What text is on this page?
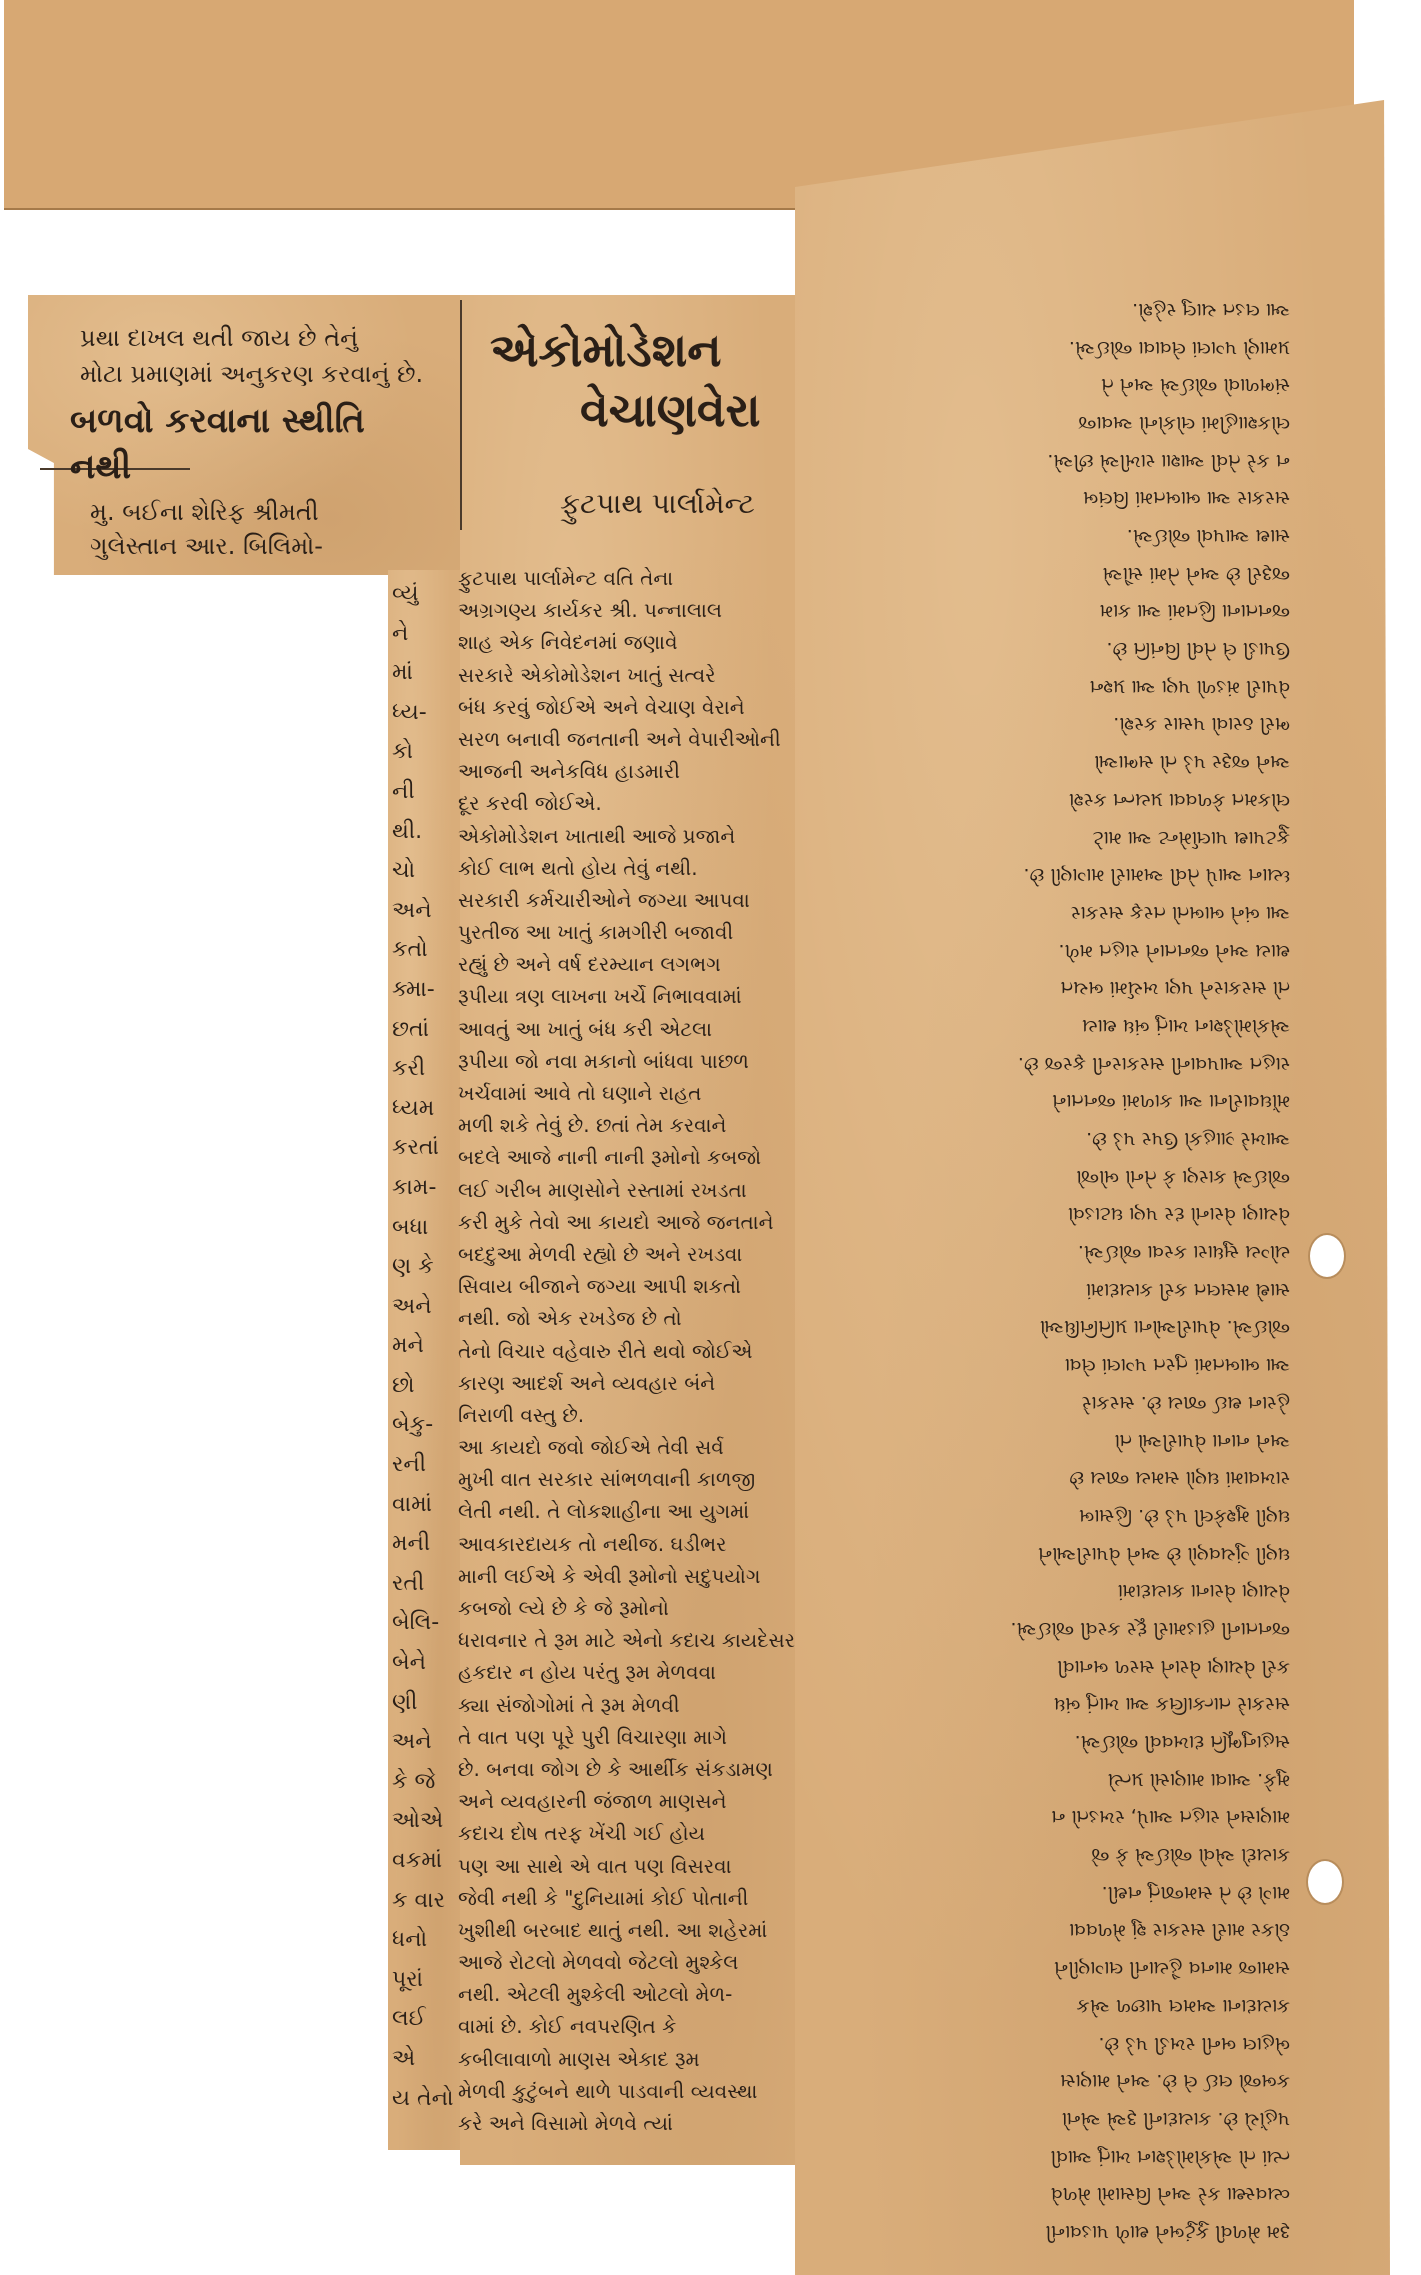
પ્રથા દાખલ થતી જાય છે તેનું
મોટા પ્રમાણમાં અનુકરણ કરવાનું છે.
બળવો કરવાના સ્થીતિ
નથી
મુ. બઈના શેરિફ શ્રીમતી
ગુલેસ્તાન આર. બિલિમો-
વ્યું
ને
માં
ધ્ય-
કો
ની
થી.
ચો
અને
કતો
ક્મા-
છતાં
કરી
ધ્યમ
કરતાં
કામ-
બધા
ણ કે
અને
મને
છો
બેકુ-
રની
વામાં
મની
રતી
બેલિ-
બેને
ણી
અને
કે જે
ઓએ
વકમાં
ક વાર
ધનો
પૂરાં
લઈ
એ
ય તેનો
એકોમોડેશન
વેચાણવેરા
ફુટપાથ પાર્લામેન્ટ
ફુટપાથ પાર્લામેન્ટ વતિ તેના
અગ્રગણ્ય કાર્યકર શ્રી. પન્નાલાલ
શાહ એક નિવેદનમાં જણાવે
સરકારે એકોમોડેશન ખાતું સત્વરે
બંધ કરવું જોઈએ અને વેચાણ વેરાને
સરળ બનાવી જનતાની અને વેપારીઓની
આજની અનેકવિધ હાડમારી
દૂર કરવી જોઈએ.
એકોમોડેશન ખાતાથી આજે પ્રજાને
કોઈ લાભ થતો હોય તેવું નથી.
સરકારી કર્મચારીઓને જગ્યા આપવા
પુરતીજ આ ખાતું કામગીરી બજાવી
રહ્યું છે અને વર્ષ દરમ્યાન લગભગ
રૂપીયા ત્રણ લાખના ખર્ચે નિભાવવામાં
આવતું આ ખાતું બંધ કરી એટલા
રૂપીયા જો નવા મકાનો બાંધવા પાછળ
ખર્ચવામાં આવે તો ઘણાને રાહત
મળી શકે તેવું છે. છતાં તેમ કરવાને
બદલે આજે નાની નાની રૂમોનો કબજો
લઈ ગરીબ માણસોને રસ્તામાં રખડતા
કરી મુકે તેવો આ કાયદો આજે જનતાને
બદદુઆ મેળવી રહ્યો છે અને રખડવા
સિવાય બીજાને જગ્યા આપી શકતો
નથી. જો એક રખડેજ છે તો
તેનો વિચાર વહેવારુ રીતે થવો જોઈએ
કારણ આદર્શ અને વ્યવહાર બંને
નિરાળી વસ્તુ છે.
આ કાયદો જવો જોઈએ તેવી સર્વ
મુખી વાત સરકાર સાંભળવાની કાળજી
લેતી નથી. તે લોકશાહીના આ યુગમાં
આવકારદાયક તો નથીજ. ઘડીભર
માની લઈએ કે એવી રૂમોનો સદુપયોગ
કબજો લ્યે છે કે જે રૂમોનો
ધરાવનાર તે રૂમ માટે એનો કદાચ કાયદેસર
હકદાર ન હોય પરંતુ રૂમ મેળવવા
ક્યા સંજોગોમાં તે રૂમ મેળવી
તે વાત પણ પૂરે પુરી વિચારણા માગે
છે. બનવા જોગ છે કે આર્થીક સંકડામણ
અને વ્યવહારની જંજાળ માણસને
કદાચ દોષ તરફ ખેંચી ગઈ હોય
પણ આ સાથે એ વાત પણ વિસરવા
જેવી નથી કે "દુનિયામાં કોઈ પોતાની
ખુશીથી બરબાદ થાતું નથી. આ શહેરમાં
આજે રોટલો મેળવવો જેટલો મુશ્કેલ
નથી. એટલી મુશ્કેલી ઓટલો મેળ-
વામાં છે. કોઈ નવપરણિત કે
કબીલાવાળો માણસ એકાદ રૂમ
મેળવી કુટુંબને થાળે પાડવાની વ્યવસ્થા
કરે અને વિસામો મેળવે ત્યાં
રૂમ મેળવી કુટુંબને થાળે પાડવાની
વ્યવસ્થા કરે અને વિસામો મેળવે
ત્યાં તો એકોમોડેશન ખાતું આવી
પહોંચે છે. કાયદાની રૂએ એનો
કબજો લઈ લે છે. અને માણસ
બેહાલ બની રખડી પડે છે.
કાયદાના અમલ પાછળ એક
સમાજ માનવ હૈયાની લાગણીને
ઠોકર મારી સરકાર શું મેળવવા
માગે છે તે સમજાતું નથી.
કાયદો એવો જોઈએ કે જે
માણસને રાહત આપે, રખડતો ન
મુકે. આવા માણસો પ્રત્યે
સહાનુભૂતિ દાખવવી જોઈએ.
સરકારે તાત્કાલિક આ ખાતું બંધ
કરી વેચાણ વેરાને સરળ બનાવી
જનતાની હાડમારી દૂર કરવી જોઈએ.
વેચાણ વેરાના કાયદામાં
ઘણી ગુંચવણો છે અને વેપારીઓને
ઘણી મુશ્કેલી પડે છે. હિસાબ
રાખવામાં ઘણો સમય જાય છે
અને નાના વેપારીઓ તો
હેરાન થઈ જાય છે. સરકારે
આ બાબતમાં તુરત પગલાં લેવા
જોઈએ. વેપારીઓના પ્રતિનિધિઓ
સાથે મસલત કરી કાયદામાં
યોગ્ય સુધારા કરવા જોઈએ.
વેચાણ વેરાનો દર પણ ઘટાડવો
જોઈએ કારણ કે તેનો બોજો
આખરે ગ્રાહકો ઉપર પડે છે.
મોંઘવારીના આ કાળમાં જનતાને
રાહત આપવાની સરકારની ફરજ છે.
એકોમોડેશન ખાતું બંધ થાય
તો સરકારને પણ ખર્ચમાં બચત
થાય અને જનતાને રાહત મળે.
આ બંને બાબતો તરફ સરકાર
ધ્યાન આપે તેવી અમારી માગણી છે.
ફુટપાથ પાર્લામેન્ટ આ માટે
લોકમત કેળવવા પ્રયત્ન કરશે
અને જરૂર પડે તો સભાઓ
ભરી ઠરાવો પસાર કરશે.
વેપારી મંડળો પણ આ પ્રશ્ન
ઉપાડી લે તેવી વિનંતિ છે.
જનતાના હિતમાં આ કામ
જરૂરી છે અને તેમાં સૌએ
સાથ આપવો જોઈએ.
સરકાર આ બાબતમાં વિલંબ
ન કરે તેવી આશા રાખીએ છીએ.
લોકશાહીમાં લોકોનો અવાજ
સંભળાવો જોઈએ અને તે
પ્રમાણે પગલાં લેવાવા જોઈએ.
આ લડત ચાલુ રહેશે.
